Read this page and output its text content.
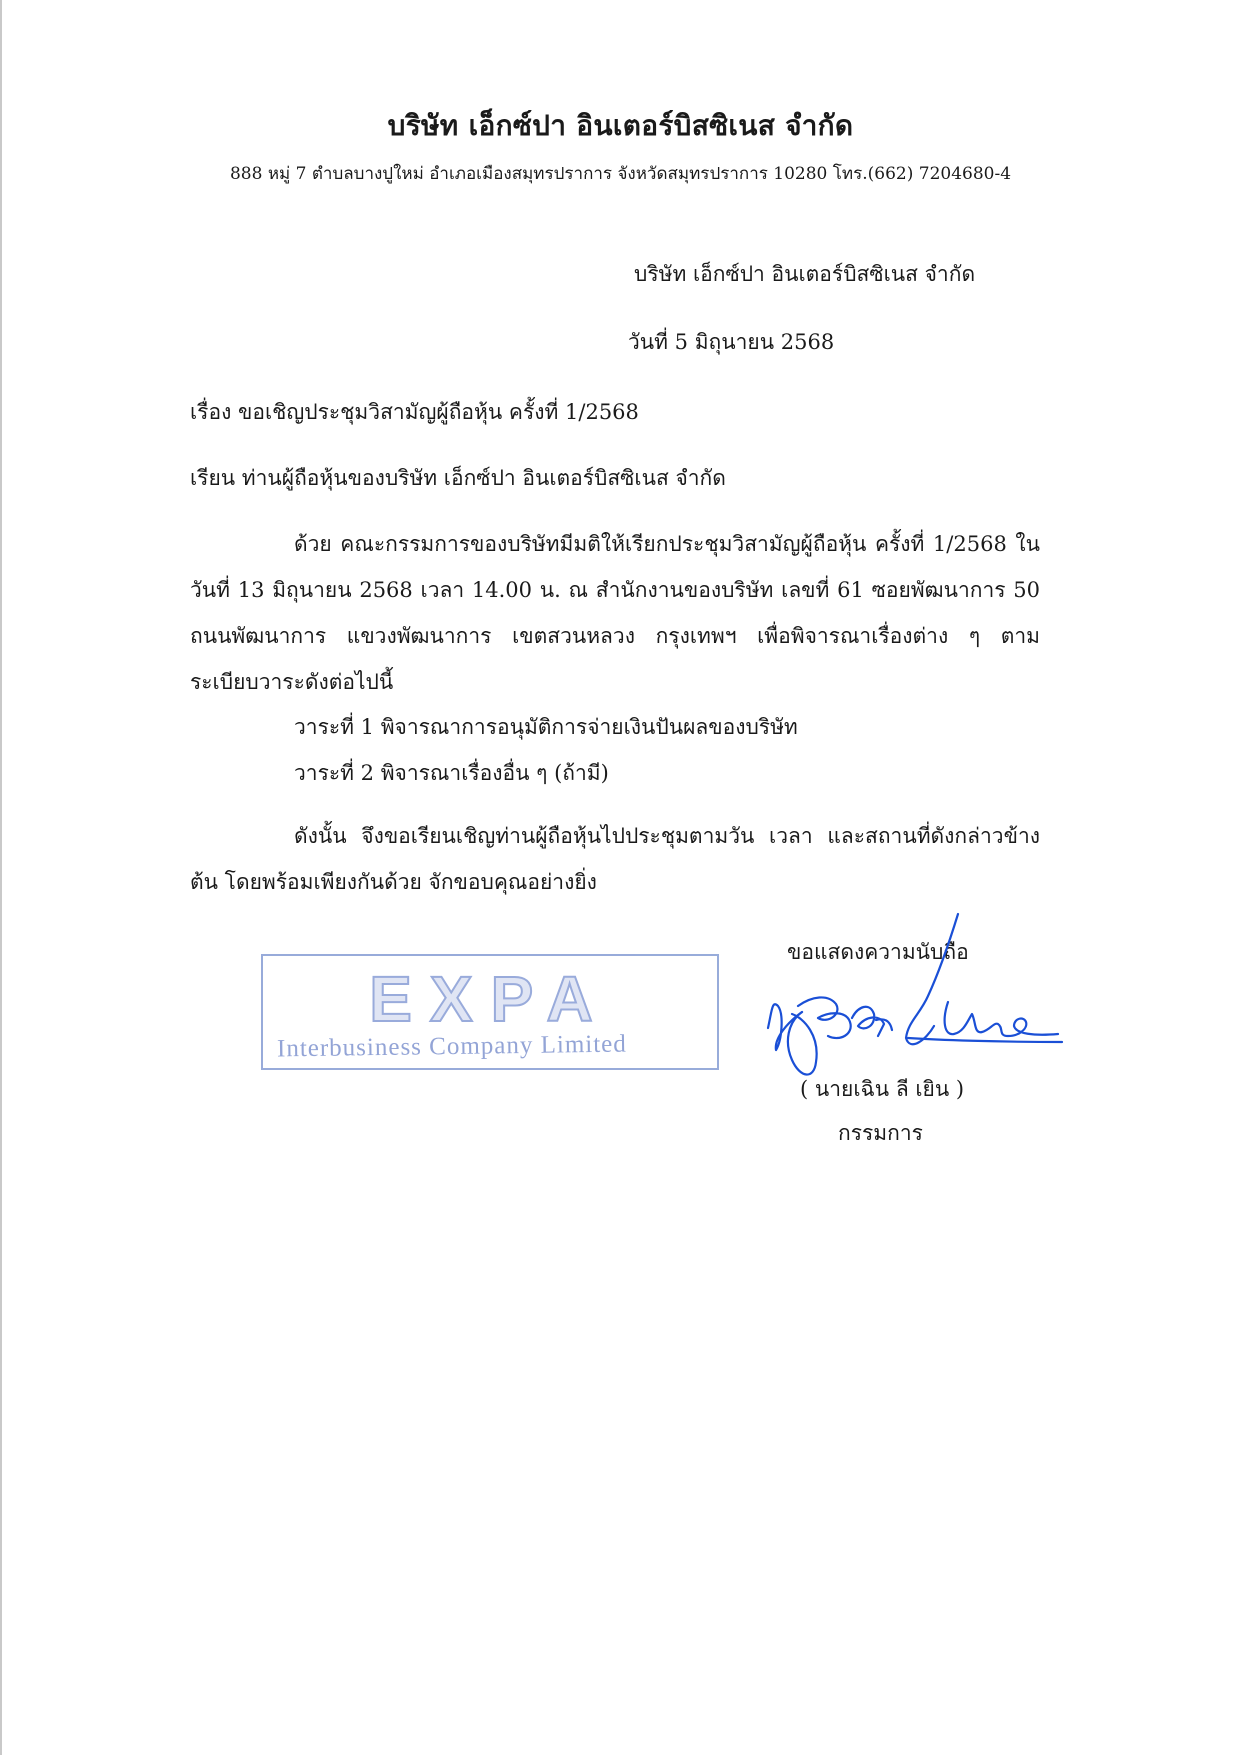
บริษัท เอ็กซ์ปา อินเตอร์บิสซิเนส จำกัด
888 หมู่ 7 ตำบลบางปูใหม่ อำเภอเมืองสมุทรปราการ จังหวัดสมุทรปราการ 10280 โทร.(662) 7204680-4
บริษัท เอ็กซ์ปา อินเตอร์บิสซิเนส จำกัด
วันที่ 5 มิถุนายน 2568
เรื่อง ขอเชิญประชุมวิสามัญผู้ถือหุ้น ครั้งที่ 1/2568
เรียน ท่านผู้ถือหุ้นของบริษัท เอ็กซ์ปา อินเตอร์บิสซิเนส จำกัด
ด้วย คณะกรรมการของบริษัทมีมติให้เรียกประชุมวิสามัญผู้ถือหุ้น ครั้งที่ 1/2568 ในวันที่ 13 มิถุนายน 2568 เวลา 14.00 น. ณ สำนักงานของบริษัท เลขที่ 61 ซอยพัฒนาการ 50 ถนนพัฒนาการ แขวงพัฒนาการ เขตสวนหลวง กรุงเทพฯ เพื่อพิจารณาเรื่องต่าง ๆ ตามระเบียบวาระดังต่อไปนี้
วาระที่ 1 พิจารณาการอนุมัติการจ่ายเงินปันผลของบริษัท
วาระที่ 2 พิจารณาเรื่องอื่น ๆ (ถ้ามี)
ดังนั้น จึงขอเรียนเชิญท่านผู้ถือหุ้นไปประชุมตามวัน เวลา และสถานที่ดังกล่าวข้างต้น โดยพร้อมเพียงกันด้วย จักขอบคุณอย่างยิ่ง
ขอแสดงความนับถือ
EXPA
Interbusiness Company Limited
( นายเฉิน ลี เยิน )
กรรมการ
